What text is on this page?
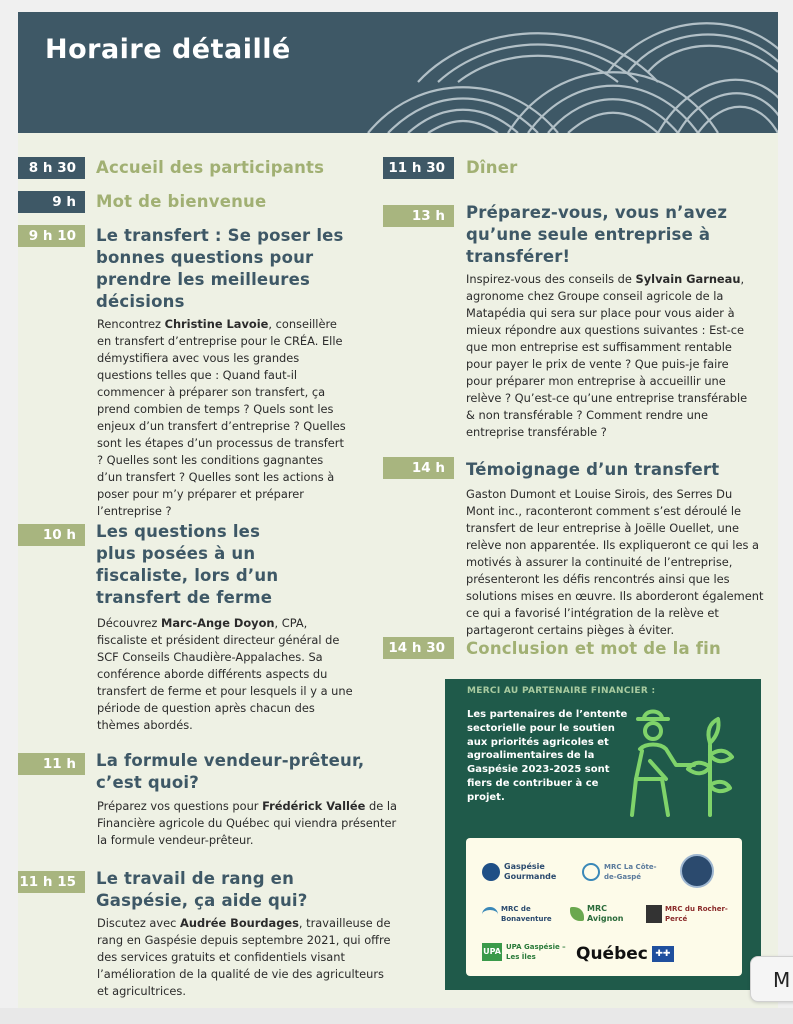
Horaire détaillé
8 h 30	Accueil des participants
9 h	Mot de bienvenue
9 h 10	Le transfert : Se poser les bonnes questions pour prendre les meilleures décisions
Rencontrez Christine Lavoie, conseillère en transfert d’entreprise pour le CRÉA. Elle démystifiera avec vous les grandes questions telles que : Quand faut-il commencer à préparer son transfert, ça prend combien de temps ? Quels sont les enjeux d’un transfert d’entreprise ? Quelles sont les étapes d’un processus de transfert ? Quelles sont les conditions gagnantes d’un transfert ? Quelles sont les actions à poser pour m’y préparer et préparer l’entreprise ?
10 h	Les questions les plus posées à un fiscaliste, lors d’un transfert de ferme
Découvrez Marc-Ange Doyon, CPA, fiscaliste et président directeur général de SCF Conseils Chaudière-Appalaches. Sa conférence aborde différents aspects du transfert de ferme et pour lesquels il y a une période de question après chacun des thèmes abordés.
11 h	La formule vendeur-prêteur, c’est quoi?
Préparez vos questions pour Frédérick Vallée de la Financière agricole du Québec qui viendra présenter la formule vendeur-prêteur.
11 h 15	Le travail de rang en Gaspésie, ça aide qui?
Discutez avec Audrée Bourdages, travailleuse de rang en Gaspésie depuis septembre 2021, qui offre des services gratuits et confidentiels visant l’amélioration de la qualité de vie des agriculteurs et agricultrices.
11 h 30	Dîner
13 h	Préparez-vous, vous n’avez qu’une seule entreprise à transférer!
Inspirez-vous des conseils de Sylvain Garneau, agronome chez Groupe conseil agricole de la Matapédia qui sera sur place pour vous aider à mieux répondre aux questions suivantes : Est-ce que mon entreprise est suffisamment rentable pour payer le prix de vente ? Que puis-je faire pour préparer mon entreprise à accueillir une relève ? Qu’est-ce qu’une entreprise transférable & non transférable ? Comment rendre une entreprise transférable ?
14 h	Témoignage d’un transfert
Gaston Dumont et Louise Sirois, des Serres Du Mont inc., raconteront comment s’est déroulé le transfert de leur entreprise à Joëlle Ouellet, une relève non apparentée. Ils expliqueront ce qui les a motivés à assurer la continuité de l’entreprise, présenteront les défis rencontrés ainsi que les solutions mises en œuvre. Ils aborderont également ce qui a favorisé l’intégration de la relève et partageront certains pièges à éviter.
14 h 30	Conclusion et mot de la fin
MERCI AU PARTENAIRE FINANCIER :
Les partenaires de l’entente sectorielle pour le soutien aux priorités agricoles et agroalimentaires de la Gaspésie 2023-2025 sont fiers de contribuer à ce projet.
Gaspésie Gourmande
MRC La Côte-de-Gaspé
MRC de Bonaventure
MRC Avignon
MRC du Rocher-Percé
UPA UPA Gaspésie – Les Îles	Québec ✚✚
M
